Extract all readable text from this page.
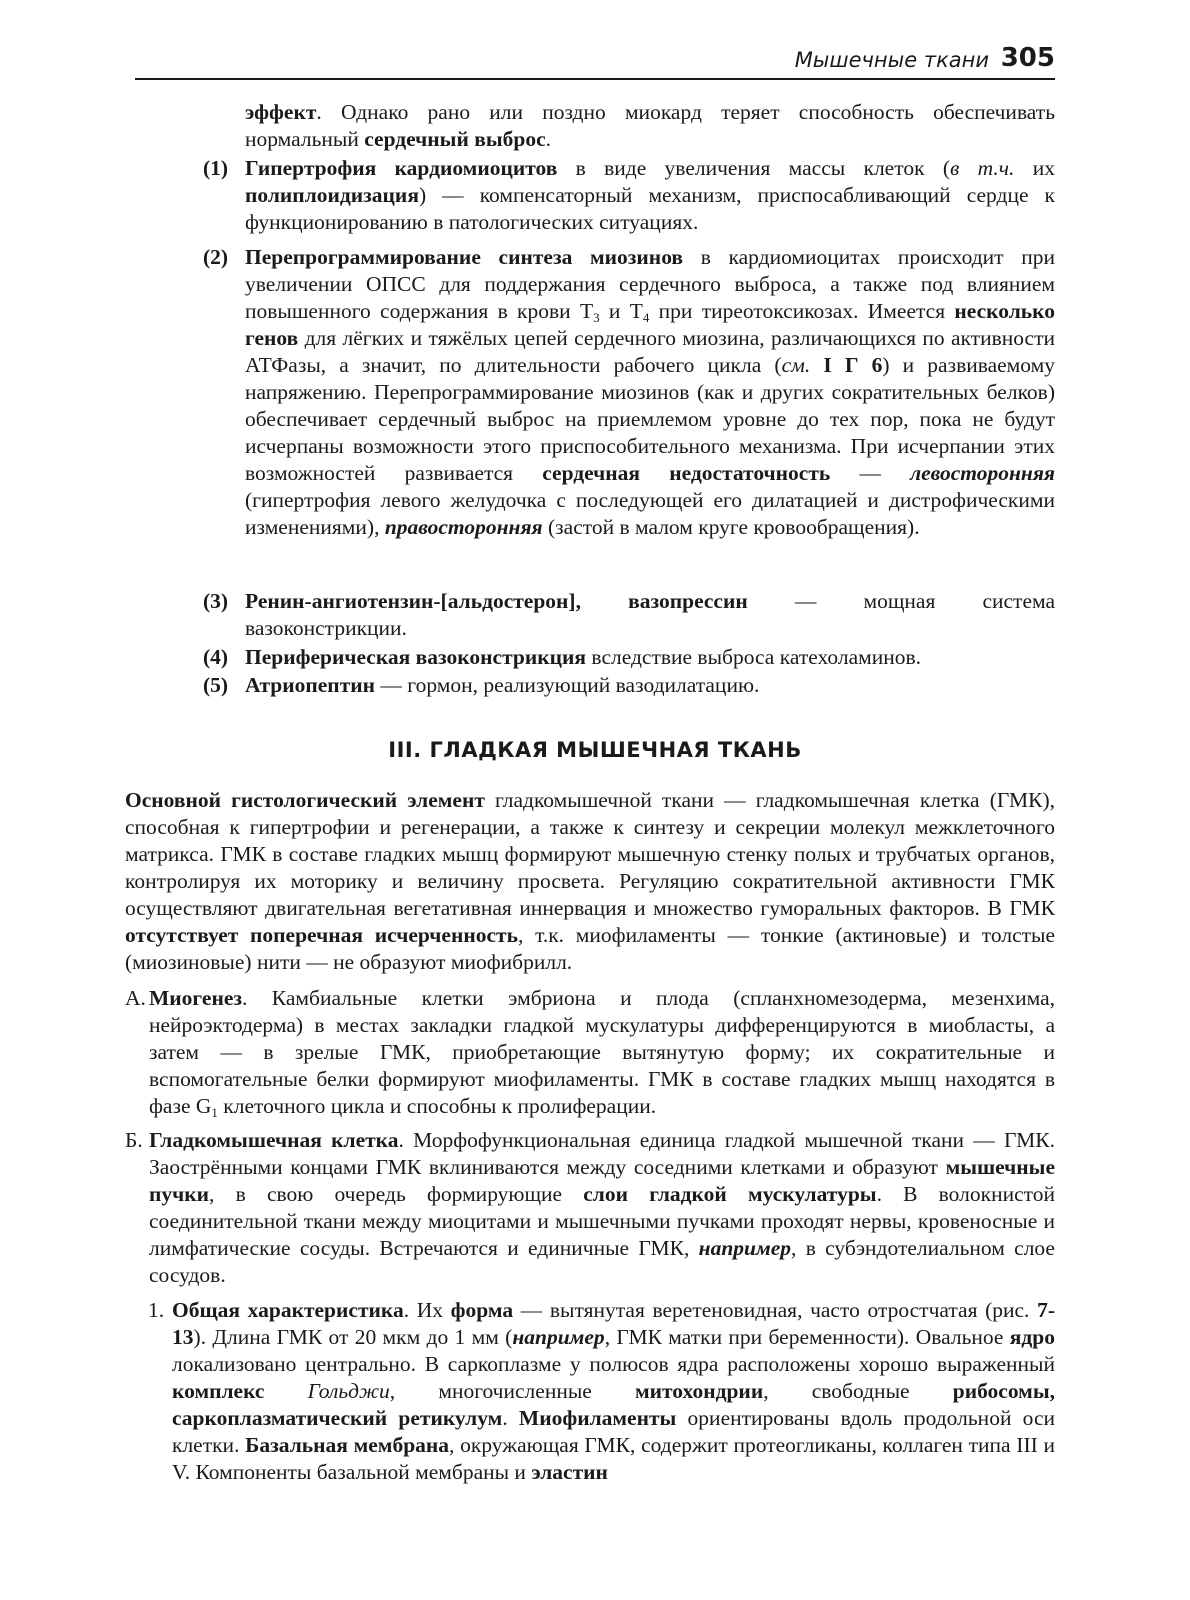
Мышечные ткани 305

эффект. Однако рано или поздно миокард теряет способность обеспечивать нормальный сердечный выброс.

(1) Гипертрофия кардиомиоцитов в виде увеличения массы клеток (в т.ч. их полиплоидизация) — компенсаторный механизм, приспосабливающий сердце к функционированию в патологических ситуациях.
(2) Перепрограммирование синтеза миозинов в кардиомиоцитах происходит при увеличении ОПСС для поддержания сердечного выброса, а также под влиянием повышенного содержания в крови $Т_3$ и $Т_4$ при тиреотоксикозах. Имеется несколько генов для лёгких и тяжёлых цепей сердечного миозина, различающихся по активности АТФазы, а значит, по длительности рабочего цикла (см. I Г 6) и развиваемому напряжению. Перепрограммирование миозинов (как и других сократительных белков) обеспечивает сердечный выброс на приемлемом уровне до тех пор, пока не будут исчерпаны возможности этого приспособительного механизма. При исчерпании этих возможностей развивается сердечная недостаточность — левосторонняя (гипертрофия левого желудочка с последующей его дилатацией и дистрофическими изменениями), правосторонняя (застой в малом круге кровообращения).
(3) Ренин-ангиотензин-[альдостерон], вазопрессин — мощная система вазоконстрикции.
(4) Периферическая вазоконстрикция вследствие выброса катехоламинов.
(5) Атриопептин — гормон, реализующий вазодилатацию.
III. ГЛАДКАЯ МЫШЕЧНАЯ ТКАНЬ

Основной гистологический элемент гладкомышечной ткани — гладкомышечная клетка (ГМК), способная к гипертрофии и регенерации, а также к синтезу и секреции молекул межклеточного матрикса. ГМК в составе гладких мышц формируют мышечную стенку полых и трубчатых органов, контролируя их моторику и величину просвета. Регуляцию сократительной активности ГМК осуществляют двигательная вегетативная иннервация и множество гуморальных факторов. В ГМК отсутствует поперечная исчерченность, т.к. миофиламенты — тонкие (актиновые) и толстые (миозиновые) нити — не образуют миофибрилл.

А. Миогенез. Камбиальные клетки эмбриона и плода (спланхномезодерма, мезенхима, нейроэктодерма) в местах закладки гладкой мускулатуры дифференцируются в миобласты, а затем — в зрелые ГМК, приобретающие вытянутую форму; их сократительные и вспомогательные белки формируют миофиламенты. ГМК в составе гладких мышц находятся в фазе $G_1$ клеточного цикла и способны к пролиферации.
Б. Гладкомышечная клетка. Морфофункциональная единица гладкой мышечной ткани — ГМК. Заострёнными концами ГМК вклиниваются между соседними клетками и образуют мышечные пучки, в свою очередь формирующие слои гладкой мускулатуры. В волокнистой соединительной ткани между миоцитами и мышечными пучками проходят нервы, кровеносные и лимфатические сосуды. Встречаются и единичные ГМК, например, в субэндотелиальном слое сосудов.
1. Общая характеристика. Их форма — вытянутая веретеновидная, часто отростчатая (рис. 7-13). Длина ГМК от 20 мкм до 1 мм (например, ГМК матки при беременности). Овальное ядро локализовано центрально. В саркоплазме у полюсов ядра расположены хорошо выраженный комплекс Гольджи, многочисленные митохондрии, свободные рибосомы, саркоплазматический ретикулум. Миофиламенты ориентированы вдоль продольной оси клетки. Базальная мембрана, окружающая ГМК, содержит протеогликаны, коллаген типа III и V. Компоненты базальной мембраны и эластин
